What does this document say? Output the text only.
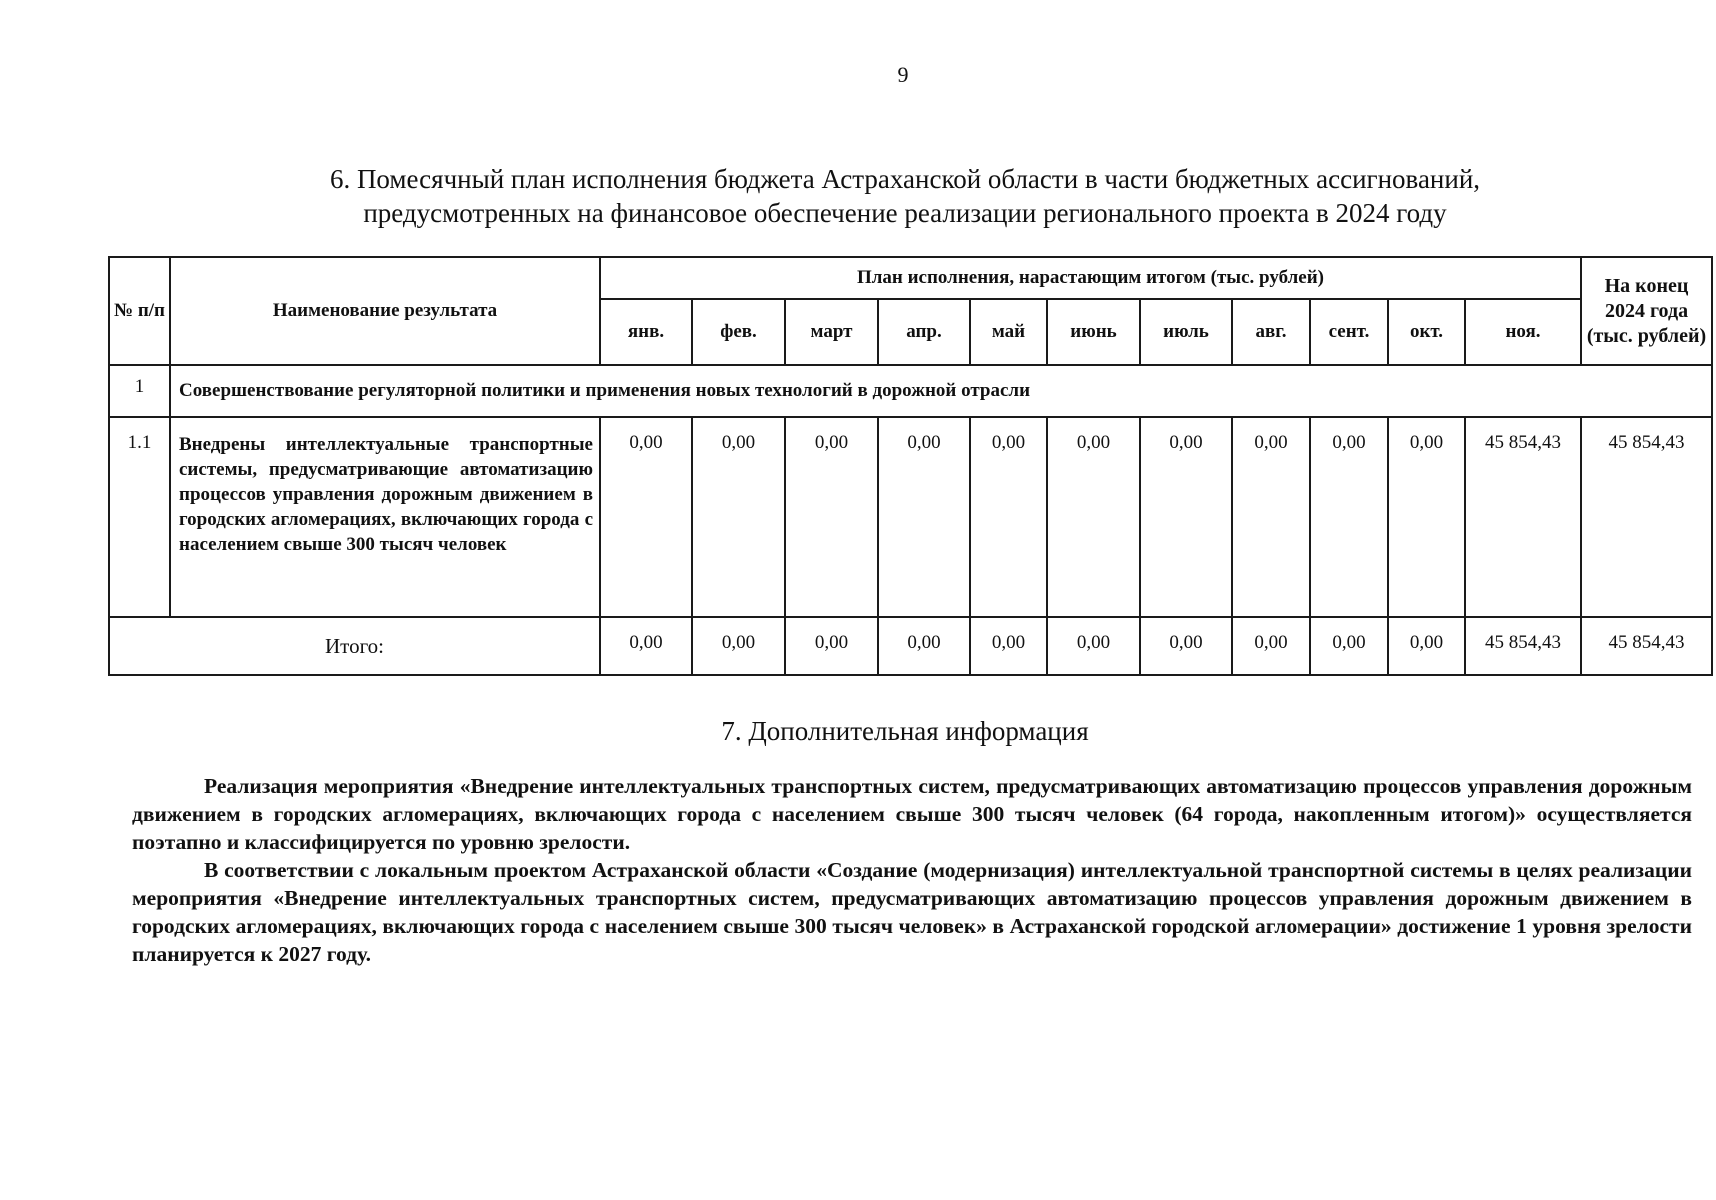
9
6. Помесячный план исполнения бюджета Астраханской области в части бюджетных ассигнований,
предусмотренных на финансовое обеспечение реализации регионального проекта в 2024 году
№ п/п	Наименование результата	План исполнения, нарастающим итогом (тыс. рублей)											На конец
2024 года
(тыс. рублей)

		янв.	фев.	март	апр.	май	июнь	июль	авг.	сент.	окт.	ноя.	
1	Совершенствование регуляторной политики и применения новых технологий в дорожной отрасли												
1.1	Внедрены интеллектуальные транспортные системы, предусматривающие автоматизацию процессов управления дорожным движением в городских агломерациях, включающих города с населением свыше 300 тысяч человек	0,00	0,00	0,00	0,00	0,00	0,00	0,00	0,00	0,00	0,00	45 854,43	45 854,43
Итого:		0,00	0,00	0,00	0,00	0,00	0,00	0,00	0,00	0,00	0,00	45 854,43	45 854,43
7. Дополнительная информация

Реализация мероприятия «Внедрение интеллектуальных транспортных систем, предусматривающих автоматизацию процессов управления дорожным движением в городских агломерациях, включающих города с населением свыше 300 тысяч человек (64 города, накопленным итогом)» осуществляется поэтапно и классифицируется по уровню зрелости.

В соответствии с локальным проектом Астраханской области «Создание (модернизация) интеллектуальной транспортной системы в целях реализации мероприятия «Внедрение интеллектуальных транспортных систем, предусматривающих автоматизацию процессов управления дорожным движением в городских агломерациях, включающих города с населением свыше 300 тысяч человек» в Астраханской городской агломерации» достижение 1 уровня зрелости планируется к 2027 году.
